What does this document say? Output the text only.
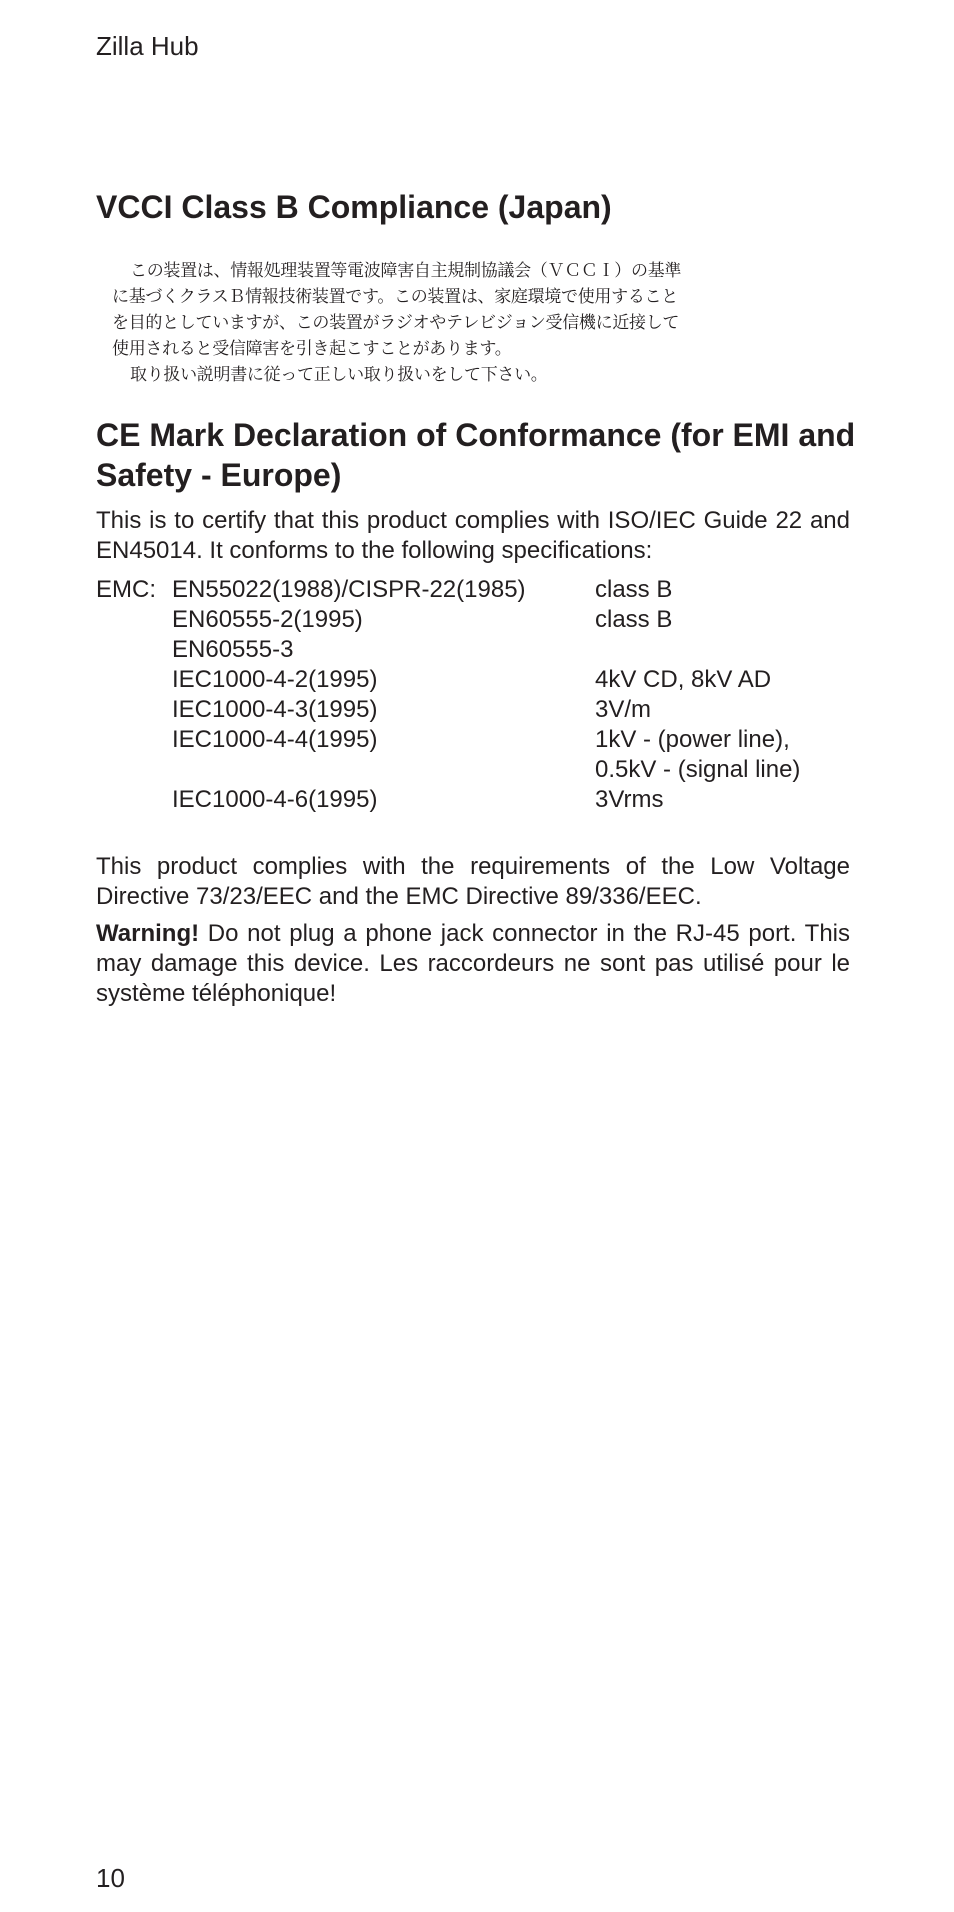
Zilla Hub
VCCI Class B Compliance (Japan)
この装置は、情報処理装置等電波障害自主規制協議会（ＶＣＣＩ）の基準
に基づくクラスＢ情報技術装置です。この装置は、家庭環境で使用すること
を目的としていますが、この装置がラジオやテレビジョン受信機に近接して
使用されると受信障害を引き起こすことがあります。
取り扱い説明書に従って正しい取り扱いをして下さい。
CE Mark Declaration of Conformance (for EMI and Safety - Europe)

This is to certify that this product complies with ISO/IEC Guide 22 and EN45014. It conforms to the following specifications:

EMC: EN55022(1988)/CISPR-22(1985)	class B
EN60555-2(1995)	class B
EN60555-3
IEC1000-4-2(1995)	4kV CD, 8kV AD
IEC1000-4-3(1995)	3V/m
IEC1000-4-4(1995)	1kV - (power line),
0.5kV - (signal line)
IEC1000-4-6(1995)	3Vrms

This product complies with the requirements of the Low Voltage Directive 73/23/EEC and the EMC Directive 89/336/EEC.

Warning! Do not plug a phone jack connector in the RJ-45 port. This may damage this device. Les raccordeurs ne sont pas utilisé pour le système téléphonique!

10
